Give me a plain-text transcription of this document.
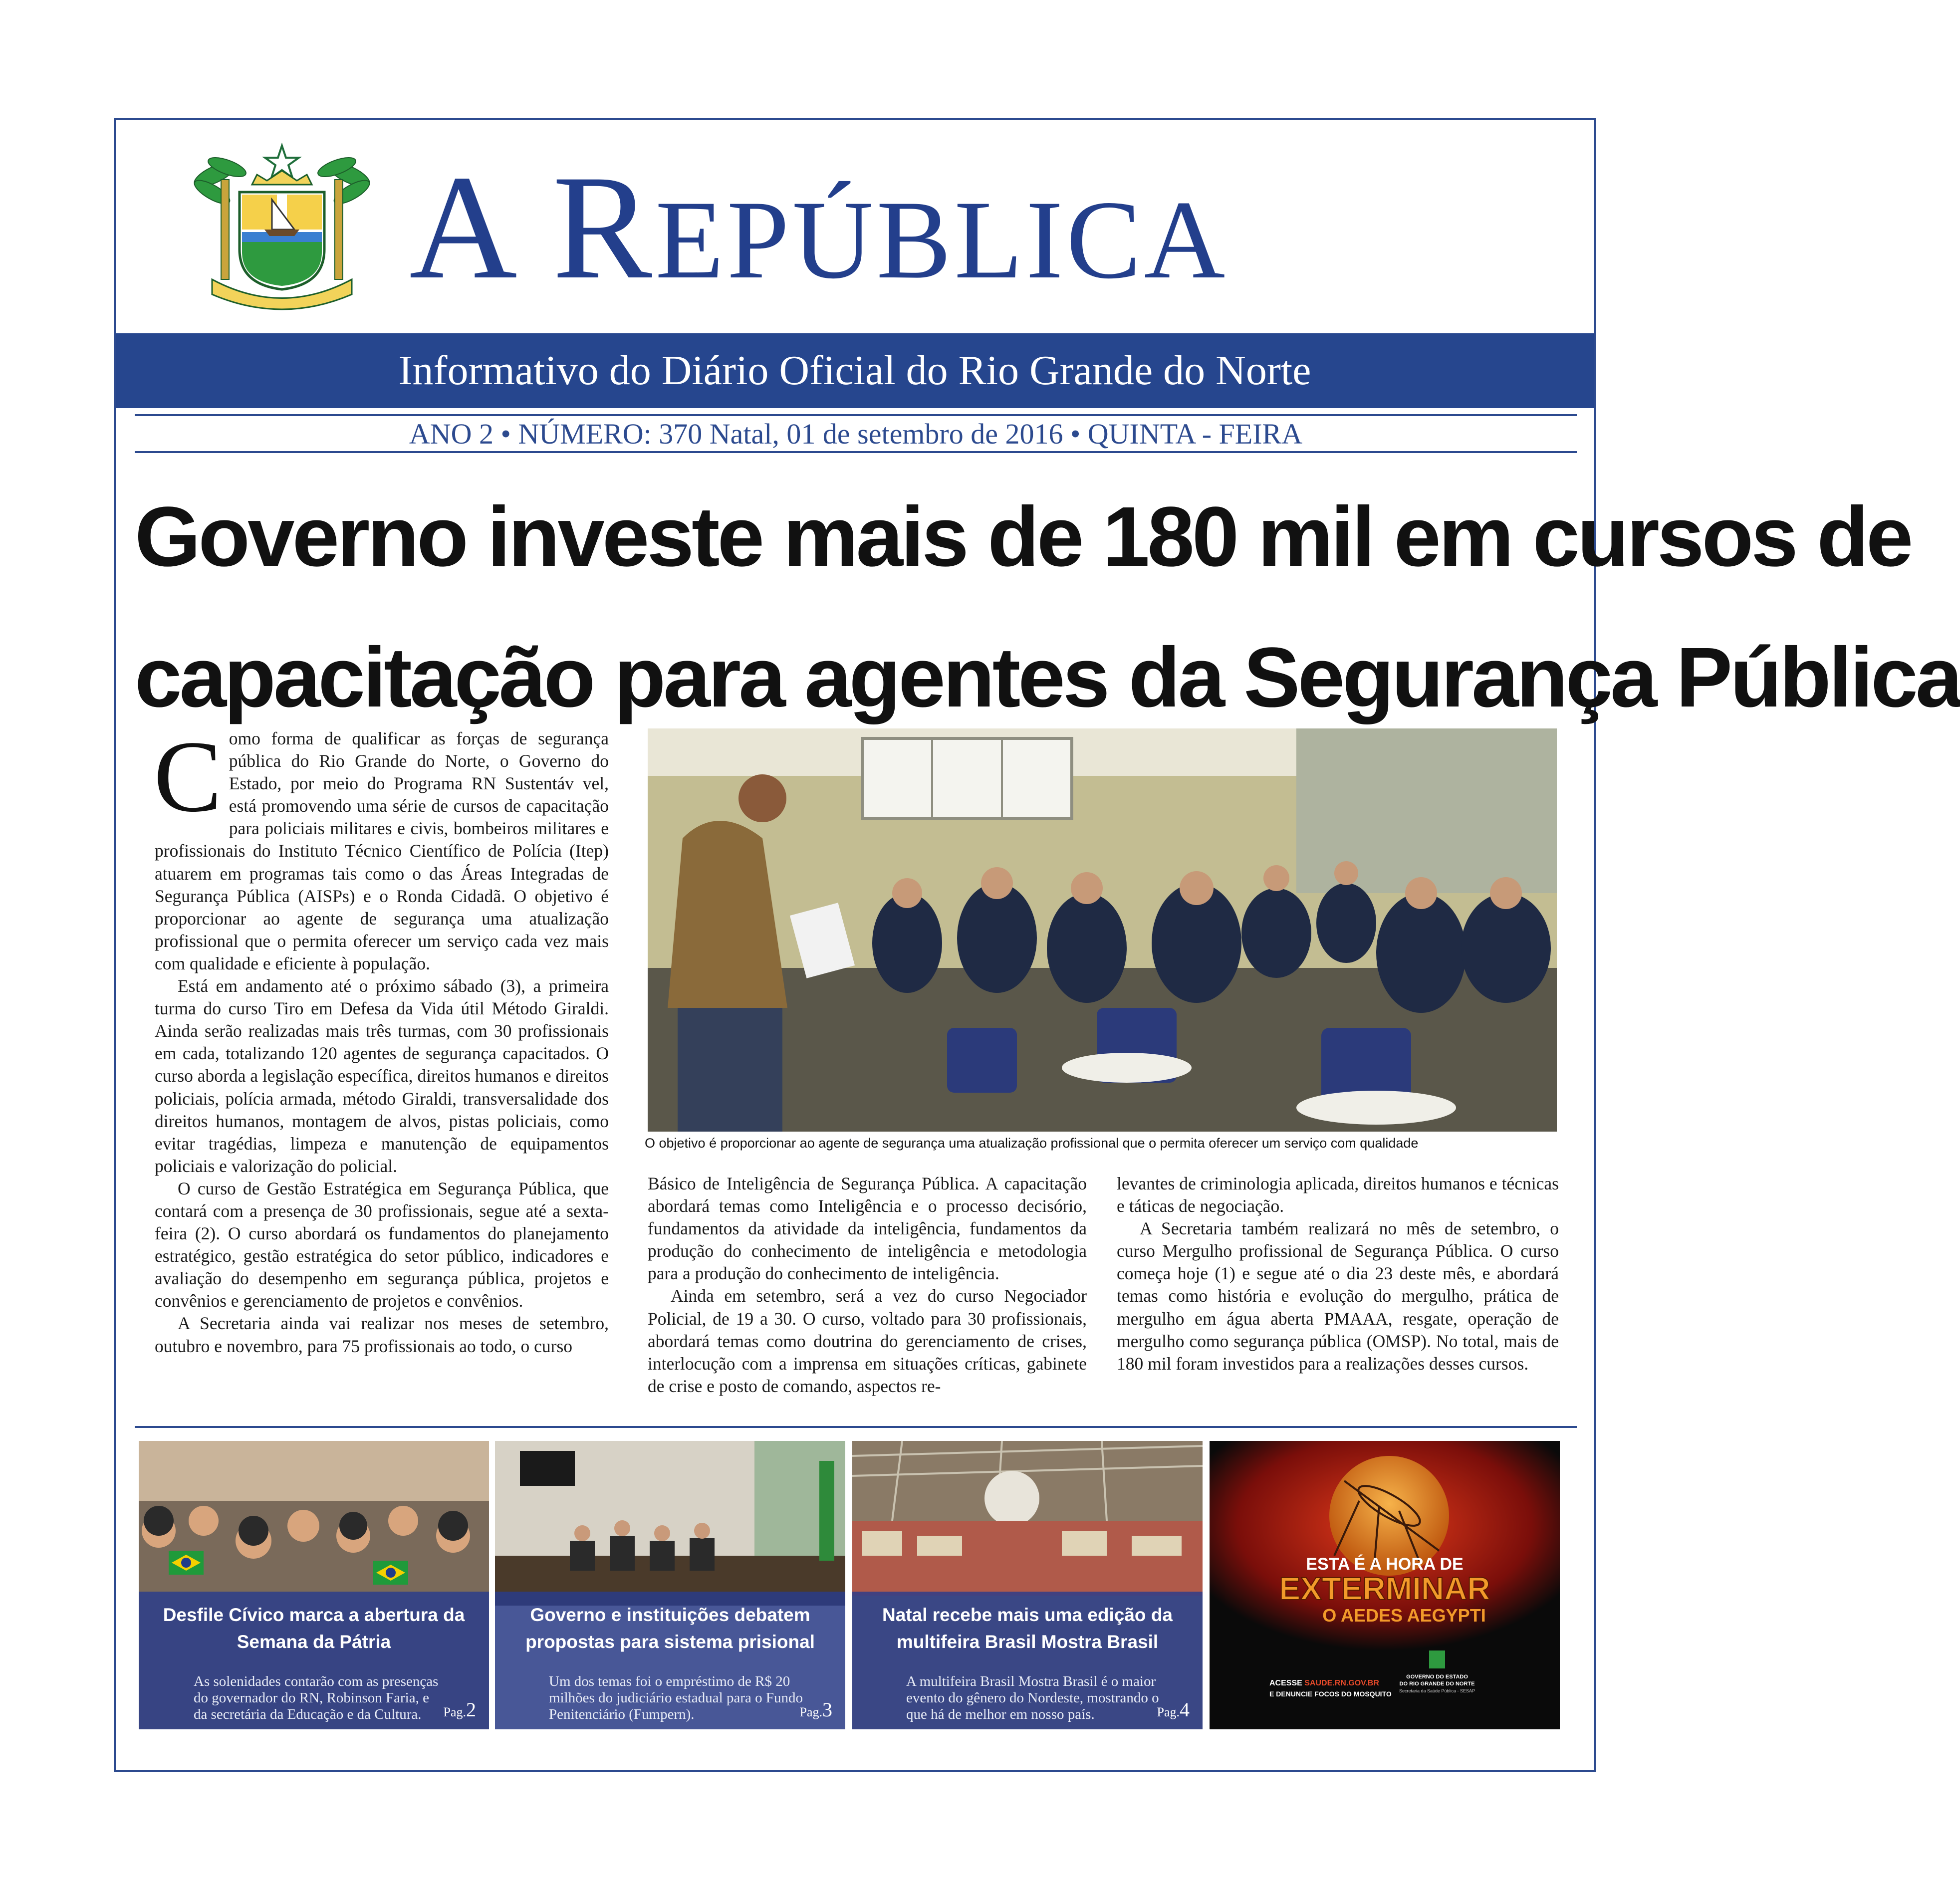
A REPÚBLICA
Informativo do Diário Oficial do Rio Grande do Norte
ANO 2 • NÚMERO: 370 Natal, 01 de setembro de 2016 • QUINTA - FEIRA
Governo investe mais de 180 mil em cursos de
capacitação para agentes da Segurança Pública

Como forma de qualificar as forças de segurança pública do Rio Grande do Norte, o Governo do Estado, por meio do Programa RN Sustentáv vel, está promovendo uma série de cursos de capacitação para policiais militares e civis, bombeiros militares e profissionais do Instituto Técnico Científico de Polícia (Itep) atuarem em programas tais como o das Áreas Integradas de Segurança Pública (AISPs) e o Ronda Cidadã. O objetivo é proporcionar ao agente de segurança uma atualização profissional que o permita oferecer um serviço cada vez mais com qualidade e eficiente à população.

Está em andamento até o próximo sábado (3), a primeira turma do curso Tiro em Defesa da Vida útil Método Giraldi. Ainda serão realizadas mais três turmas, com 30 profissionais em cada, totalizando 120 agentes de segurança capacitados. O curso aborda a legislação específica, direitos humanos e direitos policiais, polícia armada, método Giraldi, transversalidade dos direitos humanos, montagem de alvos, pistas policiais, como evitar tragédias, limpeza e manutenção de equipamentos policiais e valorização do policial.

O curso de Gestão Estratégica em Segurança Pública, que contará com a presença de 30 profissionais, segue até a sexta-feira (2). O curso abordará os fundamentos do planejamento estratégico, gestão estratégica do setor público, indicadores e avaliação do desempenho em segurança pública, projetos e convênios e gerenciamento de projetos e convênios.

A Secretaria ainda vai realizar nos meses de setembro, outubro e novembro, para 75 profissionais ao todo, o curso

O objetivo é proporcionar ao agente de segurança uma atualização profissional que o permita oferecer um serviço com qualidade

Básico de Inteligência de Segurança Pública. A capacitação abordará temas como Inteligência e o processo decisório, fundamentos da atividade da inteligência, fundamentos da produção do conhecimento de inteligência e metodologia para a produção do conhecimento de inteligência.

Ainda em setembro, será a vez do curso Negociador Policial, de 19 a 30. O curso, voltado para 30 profissionais, abordará temas como doutrina do gerenciamento de crises, interlocução com a imprensa em situações críticas, gabinete de crise e posto de comando, aspectos re-

levantes de criminologia aplicada, direitos humanos e técnicas e táticas de negociação.

A Secretaria também realizará no mês de setembro, o curso Mergulho profissional de Segurança Pública. O curso começa hoje (1) e segue até o dia 23 deste mês, e abordará temas como história e evolução do mergulho, prática de mergulho em água aberta PMAAA, resgate, operação de mergulho como segurança pública (OMSP). No total, mais de 180 mil foram investidos para a realizações desses cursos.

Desfile Cívico marca a abertura da Semana da Pátria
As solenidades contarão com as presenças do governador do RN, Robinson Faria, e da secretária da Educação e da Cultura.	Pag.2
Governo e instituições debatem propostas para sistema prisional
Um dos temas foi o empréstimo de R$ 20 milhões do judiciário estadual para o Fundo Penitenciário (Fumpern).	Pag.3
Natal recebe mais uma edição da multifeira Brasil Mostra Brasil
A multifeira Brasil Mostra Brasil é o maior evento do gênero do Nordeste, mostrando o que há de melhor em nosso país.	Pag.4
ESTA É A HORA DE
EXTERMINAR
O AEDES AEGYPTI
ACESSE SAUDE.RN.GOV.BR
E DENUNCIE FOCOS DO MOSQUITO
GOVERNO DO ESTADO
DO RIO GRANDE DO NORTE
Secretaria da Saúde Pública - SESAP
